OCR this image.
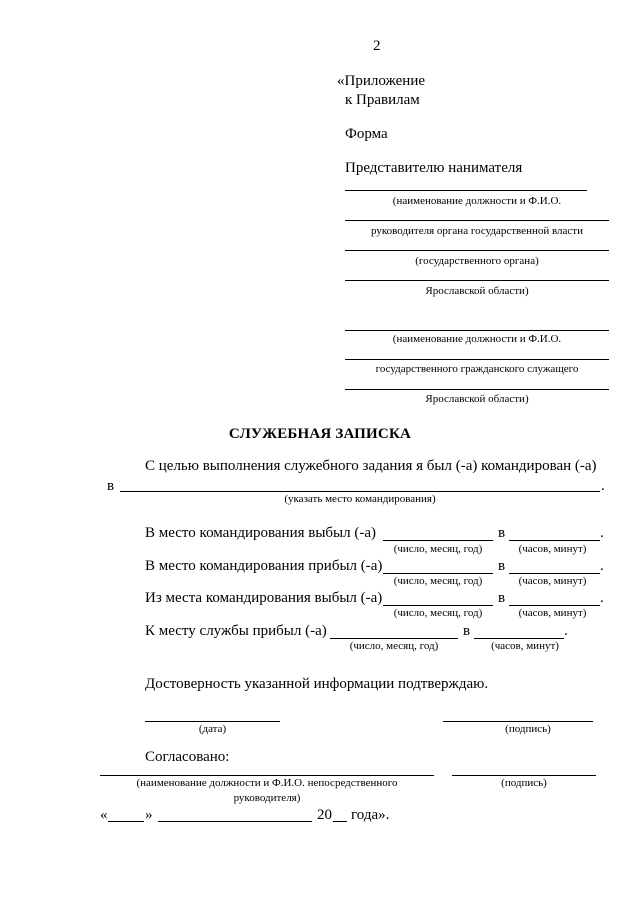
2
«Приложение
к Правилам
Форма
Представителю нанимателя
(наименование должности и Ф.И.О.
руководителя органа государственной власти
(государственного органа)
Ярославской области)
(наименование должности и Ф.И.О.
государственного гражданского служащего
Ярославской области)
СЛУЖЕБНАЯ ЗАПИСКА
С целью выполнения служебного задания я был (-а) командирован (-а)
в	.
(указать место командирования)
В место командирования выбыл (-а)	в	.
(число, месяц, год)	(часов, минут)
В место командирования прибыл (-а)	в	.
(число, месяц, год)	(часов, минут)
Из места командирования выбыл (-а)	в	.
(число, месяц, год)	(часов, минут)
К месту службы прибыл (-а)	в	.
(число, месяц, год)	(часов, минут)
Достоверность указанной информации подтверждаю.
(дата)	(подпись)
Согласовано:
(наименование должности и Ф.И.О. непосредственного
руководителя)
(подпись)
«	»	20 года».
